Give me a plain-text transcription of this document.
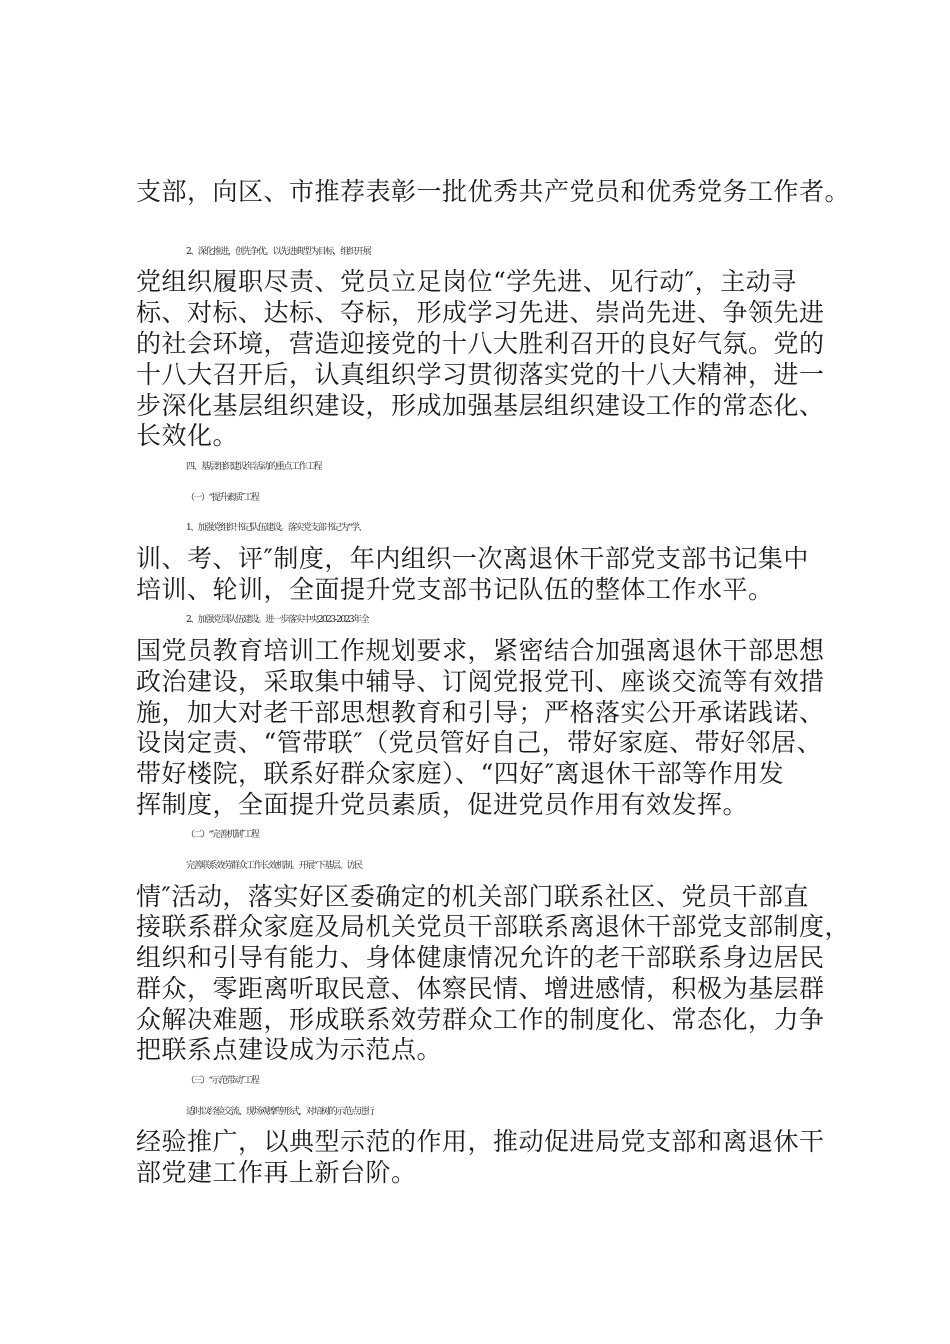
支部，向区、市推荐表彰一批优秀共产党员和优秀党务工作者。
2、深化推进，创先争优。以先进典型为目标，组织开展
党组织履职尽责、党员立足岗位“学先进、见行动″，主动寻
标、对标、达标、夺标，形成学习先进、崇尚先进、争领先进
的社会环境，营造迎接党的十八大胜利召开的良好气氛。党的
十八大召开后，认真组织学习贯彻落实党的十八大精神，进一
步深化基层组织建设，形成加强基层组织建设工作的常态化、
长效化。
四、基层组织建设年活动的重点工作工程
（一）“提升素质″工程
1、加强党组织书记队伍建设。落实党支部书记为“学、
训、考、评″制度，年内组织一次离退休干部党支部书记集中
培训、轮训，全面提升党支部书记队伍的整体工作水平。
2、加强党员队伍建设。进一步落实中央2023-2023年全
国党员教育培训工作规划要求，紧密结合加强离退休干部思想
政治建设，采取集中辅导、订阅党报党刊、座谈交流等有效措
施，加大对老干部思想教育和引导；严格落实公开承诺践诺、
设岗定责、“管带联″（党员管好自己，带好家庭、带好邻居、
带好楼院，联系好群众家庭）、“四好″离退休干部等作用发
挥制度，全面提升党员素质，促进党员作用有效发挥。
（二）“完善机制″工程
完善联系效劳群众工作长效机制。开展“下基层、访民
情″活动，落实好区委确定的机关部门联系社区、党员干部直
接联系群众家庭及局机关党员干部联系离退休干部党支部制度，
组织和引导有能力、身体健康情况允许的老干部联系身边居民
群众，零距离听取民意、体察民情、增进感情，积极为基层群
众解决难题，形成联系效劳群众工作的制度化、常态化，力争
把联系点建设成为示范点。
（三）“示范带动″工程
适时以经验交流、现场观摩等形式，对培树的示范点进行
经验推广，以典型示范的作用，推动促进局党支部和离退休干
部党建工作再上新台阶。
